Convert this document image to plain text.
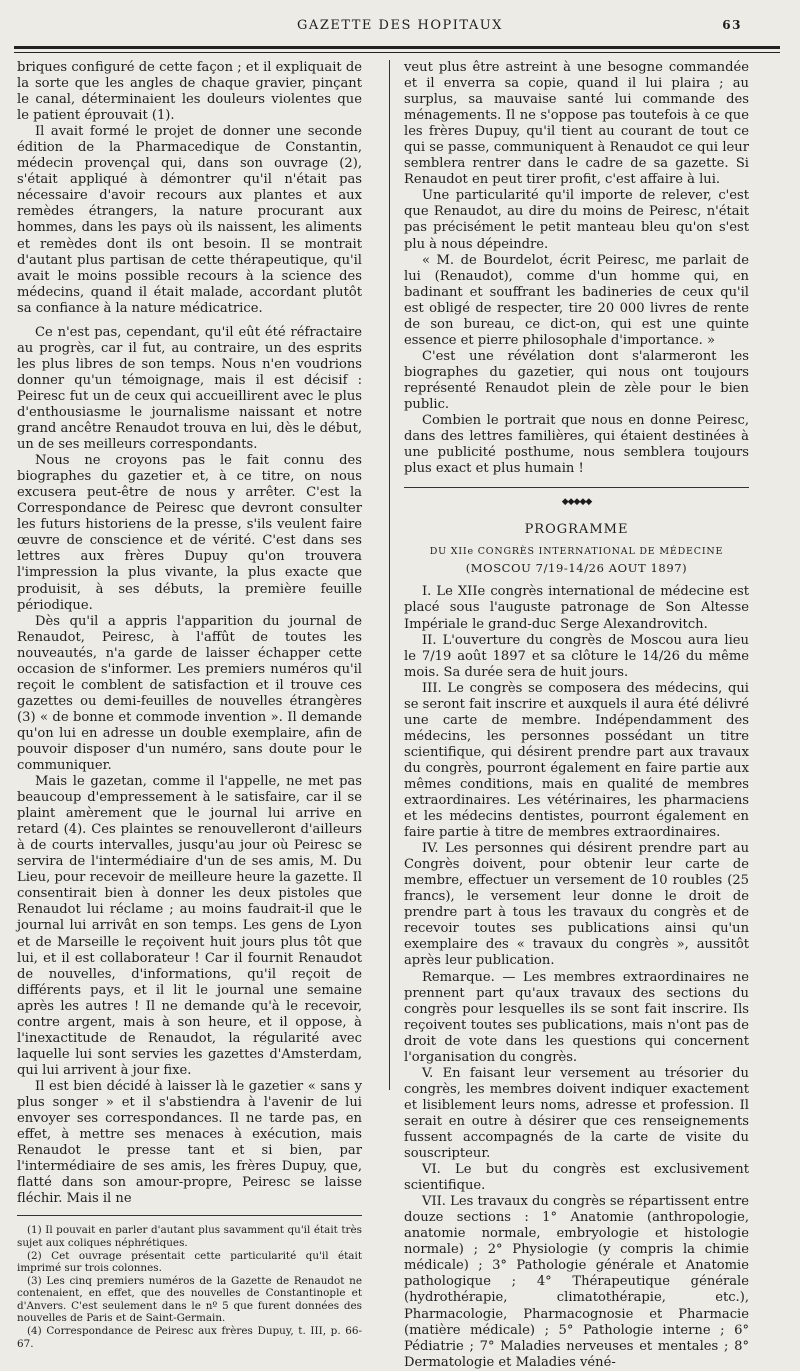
GAZETTE DES HOPITAUX	63

briques configuré de cette façon ; et il expliquait de la sorte que les angles de chaque gravier, pinçant le canal, déterminaient les douleurs violentes que le patient éprouvait (1).

Il avait formé le projet de donner une seconde édition de la Pharmacedique de Constantin, médecin provençal qui, dans son ouvrage (2), s'était appliqué à démontrer qu'il n'était pas nécessaire d'avoir recours aux plantes et aux remèdes étrangers, la nature procurant aux hommes, dans les pays où ils naissent, les aliments et remèdes dont ils ont besoin. Il se montrait d'autant plus partisan de cette thérapeutique, qu'il avait le moins possible recours à la science des médecins, quand il était malade, accordant plutôt sa confiance à la nature médicatrice.

Ce n'est pas, cependant, qu'il eût été réfractaire au progrès, car il fut, au contraire, un des esprits les plus libres de son temps. Nous n'en voudrions donner qu'un témoignage, mais il est décisif : Peiresc fut un de ceux qui accueillirent avec le plus d'enthousiasme le journalisme naissant et notre grand ancêtre Renaudot trouva en lui, dès le début, un de ses meilleurs correspondants.

Nous ne croyons pas le fait connu des biographes du gazetier et, à ce titre, on nous excusera peut-être de nous y arrêter. C'est la Correspondance de Peiresc que devront consulter les futurs historiens de la presse, s'ils veulent faire œuvre de conscience et de vérité. C'est dans ses lettres aux frères Dupuy qu'on trouvera l'impression la plus vivante, la plus exacte que produisit, à ses débuts, la première feuille périodique.

Dès qu'il a appris l'apparition du journal de Renaudot, Peiresc, à l'affût de toutes les nouveautés, n'a garde de laisser échapper cette occasion de s'informer. Les premiers numéros qu'il reçoit le comblent de satisfaction et il trouve ces gazettes ou demi-feuilles de nouvelles étrangères (3) « de bonne et commode invention ». Il demande qu'on lui en adresse un double exemplaire, afin de pouvoir disposer d'un numéro, sans doute pour le communiquer.

Mais le gazetan, comme il l'appelle, ne met pas beaucoup d'empressement à le satisfaire, car il se plaint amèrement que le journal lui arrive en retard (4). Ces plaintes se renouvelleront d'ailleurs à de courts intervalles, jusqu'au jour où Peiresc se servira de l'intermédiaire d'un de ses amis, M. Du Lieu, pour recevoir de meilleure heure la gazette. Il consentirait bien à donner les deux pistoles que Renaudot lui réclame ; au moins faudrait-il que le journal lui arrivât en son temps. Les gens de Lyon et de Marseille le reçoivent huit jours plus tôt que lui, et il est collaborateur ! Car il fournit Renaudot de nouvelles, d'informations, qu'il reçoit de différents pays, et il lit le journal une semaine après les autres ! Il ne demande qu'à le recevoir, contre argent, mais à son heure, et il oppose, à l'inexactitude de Renaudot, la régularité avec laquelle lui sont servies les gazettes d'Amsterdam, qui lui arrivent à jour fixe.

Il est bien décidé à laisser là le gazetier « sans y plus songer » et il s'abstiendra à l'avenir de lui envoyer ses correspondances. Il ne tarde pas, en effet, à mettre ses menaces à exécution, mais Renaudot le presse tant et si bien, par l'intermédiaire de ses amis, les frères Dupuy, que, flatté dans son amour-propre, Peiresc se laisse fléchir. Mais il ne

(1) Il pouvait en parler d'autant plus savamment qu'il était très sujet aux coliques néphrétiques.

(2) Cet ouvrage présentait cette particularité qu'il était imprimé sur trois colonnes.

(3) Les cinq premiers numéros de la Gazette de Renaudot ne contenaient, en effet, que des nouvelles de Constantinople et d'Anvers. C'est seulement dans le nº 5 que furent données des nouvelles de Paris et de Saint-Germain.

(4) Correspondance de Peiresc aux frères Dupuy, t. III, p. 66-67.

veut plus être astreint à une besogne commandée et il enverra sa copie, quand il lui plaira ; au surplus, sa mauvaise santé lui commande des ménagements. Il ne s'oppose pas toutefois à ce que les frères Dupuy, qu'il tient au courant de tout ce qui se passe, communiquent à Renaudot ce qui leur semblera rentrer dans le cadre de sa gazette. Si Renaudot en peut tirer profit, c'est affaire à lui.

Une particularité qu'il importe de relever, c'est que Renaudot, au dire du moins de Peiresc, n'était pas précisément le petit manteau bleu qu'on s'est plu à nous dépeindre.

« M. de Bourdelot, écrit Peiresc, me parlait de lui (Renaudot), comme d'un homme qui, en badinant et souffrant les badineries de ceux qu'il est obligé de respecter, tire 20 000 livres de rente de son bureau, ce dict-on, qui est une quinte essence et pierre philosophale d'importance. »

C'est une révélation dont s'alarmeront les biographes du gazetier, qui nous ont toujours représenté Renaudot plein de zèle pour le bien public.

Combien le portrait que nous en donne Peiresc, dans des lettres familières, qui étaient destinées à une publicité posthume, nous semblera toujours plus exact et plus humain !

◆◆◆◆◆
PROGRAMME
DU XIIe CONGRÈS INTERNATIONAL DE MÉDECINE
(MOSCOU 7/19-14/26 AOUT 1897)

I. Le XIIe congrès international de médecine est placé sous l'auguste patronage de Son Altesse Impériale le grand-duc Serge Alexandrovitch.

II. L'ouverture du congrès de Moscou aura lieu le 7/19 août 1897 et sa clôture le 14/26 du même mois. Sa durée sera de huit jours.

III. Le congrès se composera des médecins, qui se seront fait inscrire et auxquels il aura été délivré une carte de membre. Indépendamment des médecins, les personnes possédant un titre scientifique, qui désirent prendre part aux travaux du congrès, pourront également en faire partie aux mêmes conditions, mais en qualité de membres extraordinaires. Les vétérinaires, les pharmaciens et les médecins dentistes, pourront également en faire partie à titre de membres extraordinaires.

IV. Les personnes qui désirent prendre part au Congrès doivent, pour obtenir leur carte de membre, effectuer un versement de 10 roubles (25 francs), le versement leur donne le droit de prendre part à tous les travaux du congrès et de recevoir toutes ses publications ainsi qu'un exemplaire des « travaux du congrès », aussitôt après leur publication.

Remarque. — Les membres extraordinaires ne prennent part qu'aux travaux des sections du congrès pour lesquelles ils se sont fait inscrire. Ils reçoivent toutes ses publications, mais n'ont pas de droit de vote dans les questions qui concernent l'organisation du congrès.

V. En faisant leur versement au trésorier du congrès, les membres doivent indiquer exactement et lisiblement leurs noms, adresse et profession. Il serait en outre à désirer que ces renseignements fussent accompagnés de la carte de visite du souscripteur.

VI. Le but du congrès est exclusivement scientifique.

VII. Les travaux du congrès se répartissent entre douze sections : 1° Anatomie (anthropologie, anatomie normale, embryologie et histologie normale) ; 2° Physiologie (y compris la chimie médicale) ; 3° Pathologie générale et Anatomie pathologique ; 4° Thérapeutique générale (hydrothérapie, climatothérapie, etc.), Pharmacologie, Pharmacognosie et Pharmacie (matière médicale) ; 5° Pathologie interne ; 6° Pédiatrie ; 7° Maladies nerveuses et mentales ; 8° Dermatologie et Maladies véné-
